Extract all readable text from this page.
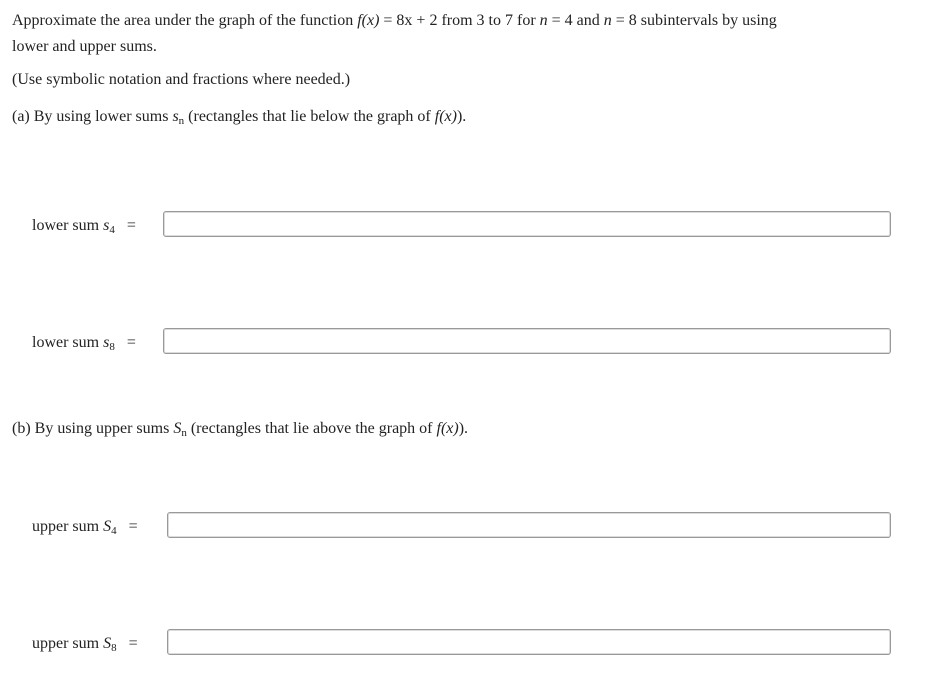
Approximate the area under the graph of the function f(x) = 8x + 2 from 3 to 7 for n = 4 and n = 8 subintervals by using
lower and upper sums.
(Use symbolic notation and fractions where needed.)
(a) By using lower sums $s_n$ (rectangles that lie below the graph of f(x)).
lower sum $s_4$ =
lower sum $s_8$ =
(b) By using upper sums $S_n$ (rectangles that lie above the graph of f(x)).
upper sum $S_4$ =
upper sum $S_8$ =
